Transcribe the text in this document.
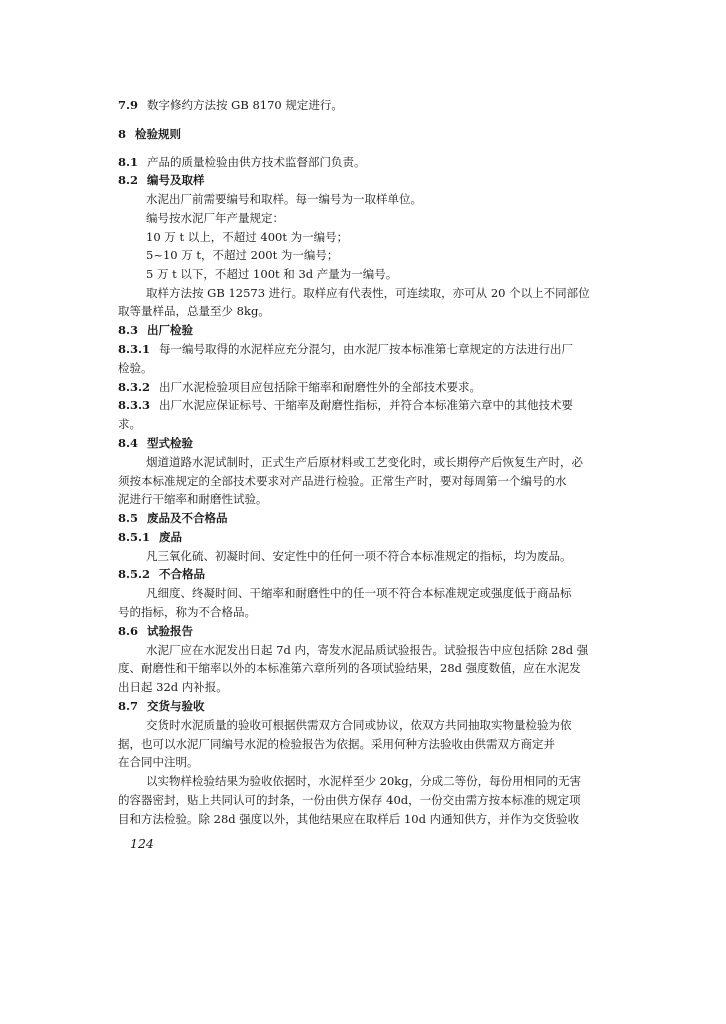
7.9 数字修约方法按 GB 8170 规定进行。
8 检验规则
8.1 产品的质量检验由供方技术监督部门负责。
8.2 编号及取样
水泥出厂前需要编号和取样。每一编号为一取样单位。
编号按水泥厂年产量规定：
10 万 t 以上，不超过 400t 为一编号；
5~10 万 t，不超过 200t 为一编号；
5 万 t 以下，不超过 100t 和 3d 产量为一编号。
取样方法按 GB 12573 进行。取样应有代表性，可连续取，亦可从 20 个以上不同部位
取等量样品，总量至少 8kg。
8.3 出厂检验
8.3.1 每一编号取得的水泥样应充分混匀，由水泥厂按本标准第七章规定的方法进行出厂
检验。
8.3.2 出厂水泥检验项目应包括除干缩率和耐磨性外的全部技术要求。
8.3.3 出厂水泥应保证标号、干缩率及耐磨性指标，并符合本标准第六章中的其他技术要
求。
8.4 型式检验
烟道道路水泥试制时，正式生产后原材料或工艺变化时，或长期停产后恢复生产时，必
须按本标准规定的全部技术要求对产品进行检验。正常生产时，要对每周第一个编号的水
泥进行干缩率和耐磨性试验。
8.5 废品及不合格品
8.5.1 废品
凡三氧化硫、初凝时间、安定性中的任何一项不符合本标准规定的指标，均为废品。
8.5.2 不合格品
凡细度、终凝时间、干缩率和耐磨性中的任一项不符合本标准规定或强度低于商品标
号的指标，称为不合格品。
8.6 试验报告
水泥厂应在水泥发出日起 7d 内，寄发水泥品质试验报告。试验报告中应包括除 28d 强
度、耐磨性和干缩率以外的本标准第六章所列的各项试验结果，28d 强度数值，应在水泥发
出日起 32d 内补报。
8.7 交货与验收
交货时水泥质量的验收可根据供需双方合同或协议，依双方共同抽取实物量检验为依
据，也可以水泥厂同编号水泥的检验报告为依据。采用何种方法验收由供需双方商定并
在合同中注明。
以实物样检验结果为验收依据时，水泥样至少 20kg，分成二等份，每份用相同的无害
的容器密封，贴上共同认可的封条，一份由供方保存 40d，一份交由需方按本标准的规定项
目和方法检验。除 28d 强度以外，其他结果应在取样后 10d 内通知供方，并作为交货验收
124
